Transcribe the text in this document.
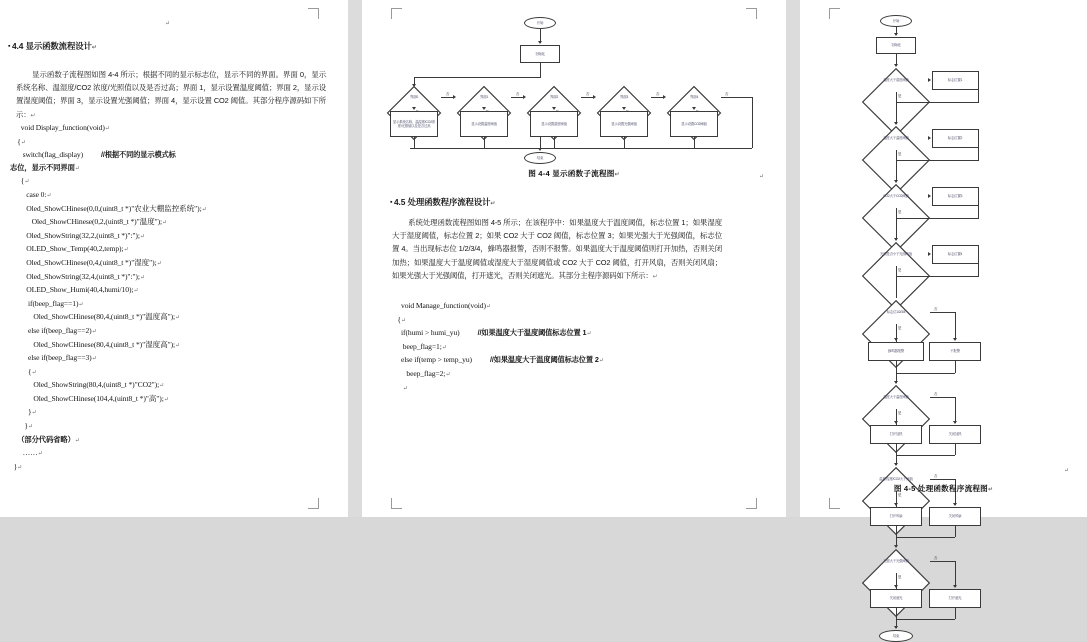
↵
▪ 4.4 显示函数流程设计↵
显示函数子流程图如图 4-4 所示；根据不同的显示标志位，显示不同的界面。界面 0，显示系统名称、温湿度/CO2 浓度/光照值以及是否过高；界面 1，显示设置温度阈值；界面 2，显示设置湿度阈值；界面 3，显示设置光强阈值；界面 4，显示设置 CO2 阈值。其部分程序源码如下所示：↵
void Display_function(void)↵
{↵
switch(flag_display)	//根据不同的显示模式标
志位，显示不同界面↵
{↵
case 0:↵
Oled_ShowCHinese(0,0,(uint8_t *)"农业大棚监控系统");↵
Oled_ShowCHinese(0,2,(uint8_t *)"温度");↵
Oled_ShowString(32,2,(uint8_t *)":");↵
OLED_Show_Temp(40,2,temp);↵
Oled_ShowCHinese(0,4,(uint8_t *)"湿度");↵
Oled_ShowString(32,4,(uint8_t *)":");↵
OLED_Show_Humi(40,4,humi/10);↵
if(beep_flag==1)↵
Oled_ShowCHinese(80,4,(uint8_t *)"温度高");↵
else if(beep_flag==2)↵
Oled_ShowCHinese(80,4,(uint8_t *)"湿度高");↵
else if(beep_flag==3)↵
{↵
Oled_ShowString(80,4,(uint8_t *)"CO2");↵
Oled_ShowCHinese(104,4,(uint8_t *)"高");↵
}↵
}↵
（部分代码省略）↵
……↵
}↵
开始
初始化
界面0
显示系统名称、温湿度/CO2浓度/光照值以及是否过高
否
界面1
显示设置温度阈值
否
界面2
显示设置湿度阈值
否
界面3
显示设置光强阈值
否
界面4
显示设置CO2阈值
否
结束
图 4-4 显示函数子流程图↵	↵
▪ 4.5 处理函数程序流程设计↵
系统处理函数流程图如图 4-5 所示；在该程序中：如果温度大于温度阈值，标志位置 1；如果湿度大于湿度阈值，标志位置 2；如果 CO2 大于 CO2 阈值，标志位置 3；如果光强大于光强阈值，标志位置 4。当出现标志位 1/2/3/4，蜂鸣器报警，否则不报警。如果温度大于温度阈值则打开加热，否则关闭加热；如果温度大于温度阈值或湿度大于湿度阈值或 CO2 大于 CO2 阈值，打开风扇，否则关闭风扇；如果光强大于光强阈值，打开遮光，否则关闭遮光。其部分主程序源码如下所示：↵
void Manage_function(void)↵
{↵
if(humi > humi_yu)	//如果温度大于温度阈值标志位置 1↵
beep_flag=1;↵
else if(temp > temp_yu)	//如果温度大于温度阈值标志位置 2↵
beep_flag=2;↵
↵
开始
初始化
湿度大于湿度阈值	标志位置1
是
温度大于温度阈值	标志位置2
是
CO2大于CO2阈值	标志位置3
是
光照是否小于光照阈值	标志位置4
是
标志位1/2/3/4
否
是
蜂鸣器报警	不报警
温度大于温度阈值
否
是
打开加热	关闭加热
温度/湿度/CO2大于阈值
否
是
打开风扇	关闭风扇
光强大于光强阈值
否
是
关闭遮光	打开遮光
结束
图 4-5 处理函数程序流程图↵
↵
